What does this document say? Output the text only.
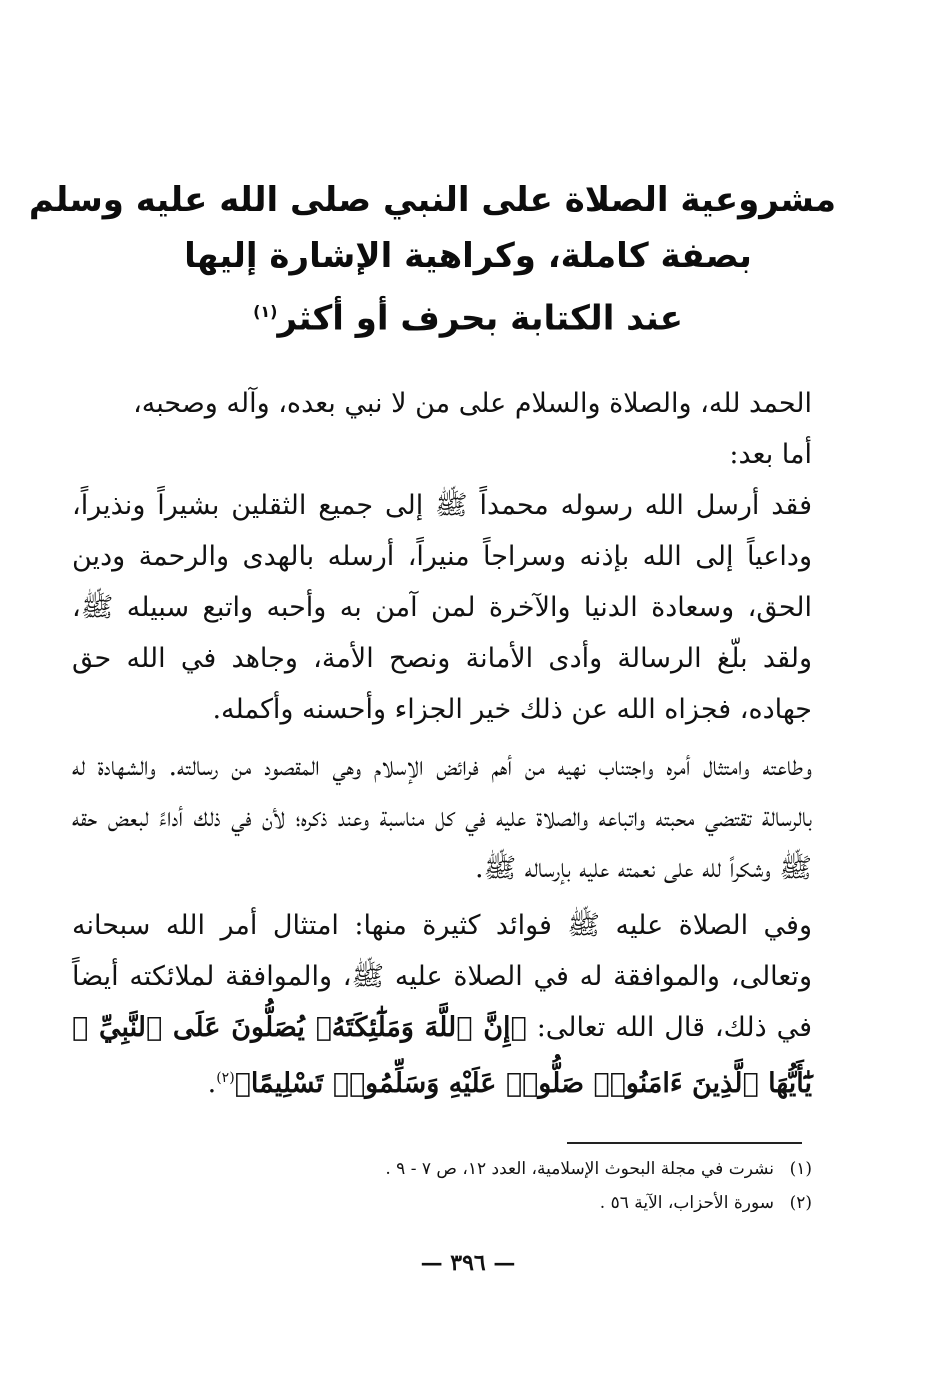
مشروعية الصلاة على النبي صلى الله عليه وسلم
بصفة كاملة، وكراهية الإشارة إليها
عند الكتابة بحرف أو أكثر$^{(١)}$

الحمد لله، والصلاة والسلام على من لا نبي بعده، وآله وصحبه،

أما بعد:

فقد أرسل الله رسوله محمداً ﷺ إلى جميع الثقلين بشيراً ونذيراً، وداعياً إلى الله بإذنه وسراجاً منيراً، أرسله بالهدى والرحمة ودين الحق، وسعادة الدنيا والآخرة لمن آمن به وأحبه واتبع سبيله ﷺ، ولقد بلّغ الرسالة وأدى الأمانة ونصح الأمة، وجاهد في الله حق جهاده، فجزاه الله عن ذلك خير الجزاء وأحسنه وأكمله.

وطاعته وامتثال أمره واجتناب نهيه من أهم فرائض الإسلام وهي المقصود من رسالته. والشهادة له بالرسالة تقتضي محبته واتباعه والصلاة عليه في كل مناسبة وعند ذكره؛ لأن في ذلك أداءً لبعض حقه ﷺ وشكراً لله على نعمته عليه بإرساله ﷺ.

وفي الصلاة عليه ﷺ فوائد كثيرة منها: امتثال أمر الله سبحانه وتعالى، والموافقة له في الصلاة عليه ﷺ، والموافقة لملائكته أيضاً في ذلك، قال الله تعالى: ﴿إِنَّ ٱللَّهَ وَمَلَٰٓئِكَتَهُۥ يُصَلُّونَ عَلَى ٱلنَّبِيِّ ۚ يَٰٓأَيُّهَا ٱلَّذِينَ ءَامَنُوا۟ صَلُّوا۟ عَلَيْهِ وَسَلِّمُوا۟ تَسْلِيمًا﴾$^{(٢)}$.

(١)نشرت في مجلة البحوث الإسلامية، العدد ١٢، ص ٧ - ٩ .
(٢)سورة الأحزاب، الآية ٥٦ .
— ٣٩٦ —
